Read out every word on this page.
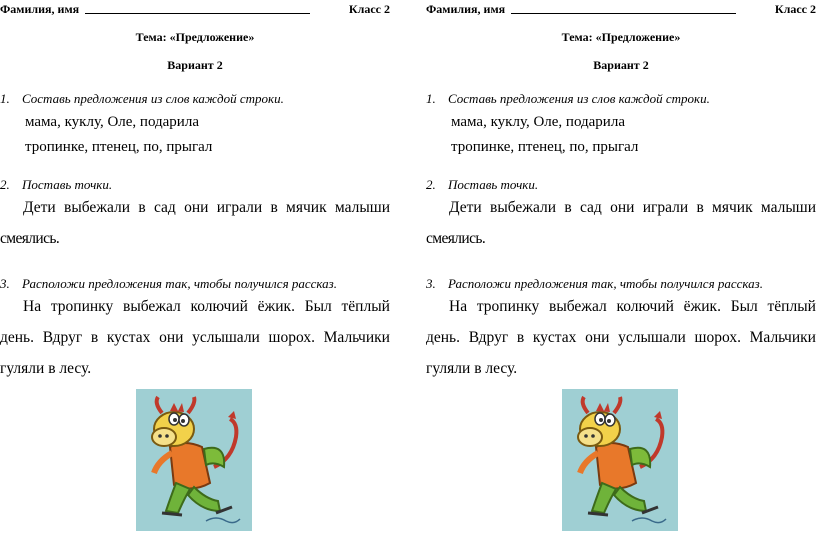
Фамилия, имя	Класс 2
Тема: «Предложение»
Вариант 2
1. Составь предложения из слов каждой строки.
мама, куклу, Оле, подарила
тропинке, птенец, по, прыгал
2. Поставь точки.
Дети выбежали в сад они играли в мячик малыши
смеялись.
3. Расположи предложения так, чтобы получился рассказ.
На тропинку выбежал колючий ёжик. Был тёплый
день. Вдруг в кустах они услышали шорох. Мальчики
гуляли в лесу.
Фамилия, имя	Класс 2
Тема: «Предложение»
Вариант 2
1. Составь предложения из слов каждой строки.
мама, куклу, Оле, подарила
тропинке, птенец, по, прыгал
2. Поставь точки.
Дети выбежали в сад они играли в мячик малыши
смеялись.
3. Расположи предложения так, чтобы получился рассказ.
На тропинку выбежал колючий ёжик. Был тёплый
день. Вдруг в кустах они услышали шорох. Мальчики
гуляли в лесу.
